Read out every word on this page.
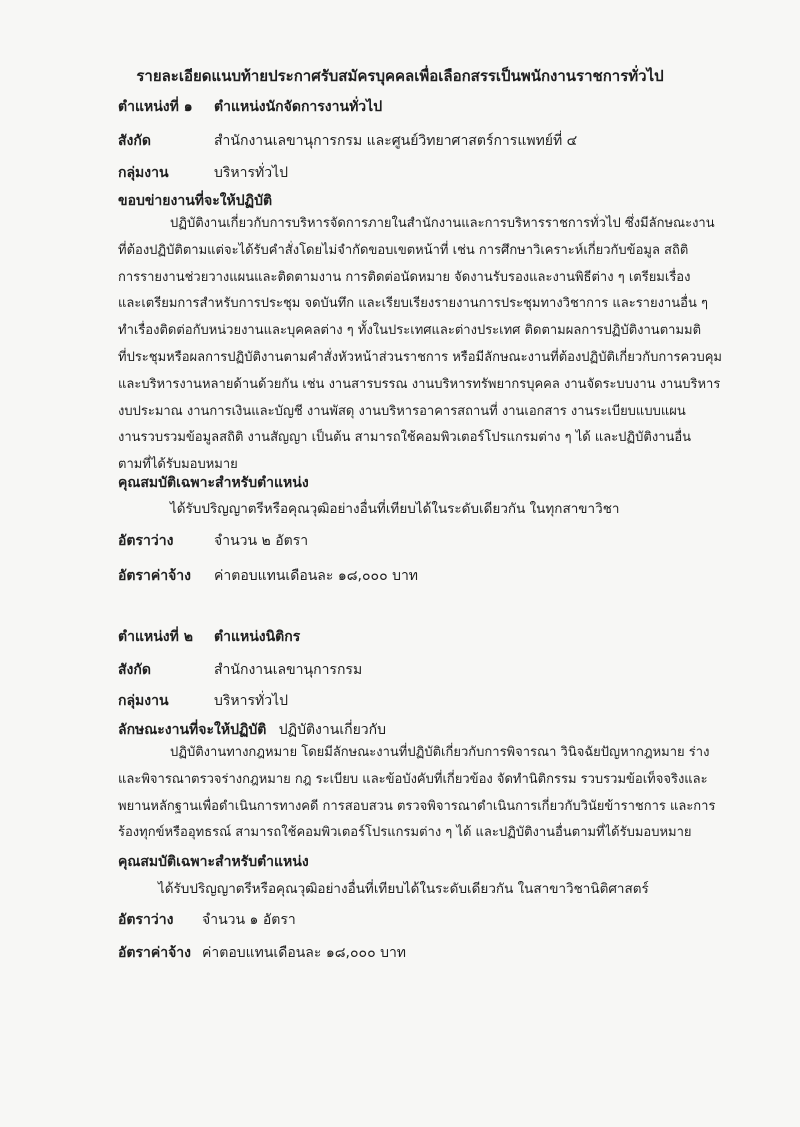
รายละเอียดแนบท้ายประกาศรับสมัครบุคคลเพื่อเลือกสรรเป็นพนักงานราชการทั่วไป
ตำแหน่งที่ ๑ ตำแหน่งนักจัดการงานทั่วไป
สังกัด	สำนักงานเลขานุการกรม และศูนย์วิทยาศาสตร์การแพทย์ที่ ๔
กลุ่มงาน	บริหารทั่วไป
ขอบข่ายงานที่จะให้ปฏิบัติ
ปฏิบัติงานเกี่ยวกับการบริหารจัดการภายในสำนักงานและการบริหารราชการทั่วไป ซึ่งมีลักษณะงาน
ที่ต้องปฏิบัติตามแต่จะได้รับคำสั่งโดยไม่จำกัดขอบเขตหน้าที่ เช่น การศึกษาวิเคราะห์เกี่ยวกับข้อมูล สถิติ
การรายงานช่วยวางแผนและติดตามงาน การติดต่อนัดหมาย จัดงานรับรองและงานพิธีต่าง ๆ เตรียมเรื่อง
และเตรียมการสำหรับการประชุม จดบันทึก และเรียบเรียงรายงานการประชุมทางวิชาการ และรายงานอื่น ๆ
ทำเรื่องติดต่อกับหน่วยงานและบุคคลต่าง ๆ ทั้งในประเทศและต่างประเทศ ติดตามผลการปฏิบัติงานตามมติ
ที่ประชุมหรือผลการปฏิบัติงานตามคำสั่งหัวหน้าส่วนราชการ หรือมีลักษณะงานที่ต้องปฏิบัติเกี่ยวกับการควบคุม
และบริหารงานหลายด้านด้วยกัน เช่น งานสารบรรณ งานบริหารทรัพยากรบุคคล งานจัดระบบงาน งานบริหาร
งบประมาณ งานการเงินและบัญชี งานพัสดุ งานบริหารอาคารสถานที่ งานเอกสาร งานระเบียบแบบแผน
งานรวบรวมข้อมูลสถิติ งานสัญญา เป็นต้น สามารถใช้คอมพิวเตอร์โปรแกรมต่าง ๆ ได้ และปฏิบัติงานอื่น
ตามที่ได้รับมอบหมาย
คุณสมบัติเฉพาะสำหรับตำแหน่ง
ได้รับปริญญาตรีหรือคุณวุฒิอย่างอื่นที่เทียบได้ในระดับเดียวกัน ในทุกสาขาวิชา
อัตราว่าง	จำนวน ๒ อัตรา
อัตราค่าจ้าง ค่าตอบแทนเดือนละ ๑๘,๐๐๐ บาท
ตำแหน่งที่ ๒ ตำแหน่งนิติกร
สังกัด	สำนักงานเลขานุการกรม
กลุ่มงาน	บริหารทั่วไป
ลักษณะงานที่จะให้ปฏิบัติ ปฏิบัติงานเกี่ยวกับ
ปฏิบัติงานทางกฎหมาย โดยมีลักษณะงานที่ปฏิบัติเกี่ยวกับการพิจารณา วินิจฉัยปัญหากฎหมาย ร่าง
และพิจารณาตรวจร่างกฎหมาย กฎ ระเบียบ และข้อบังคับที่เกี่ยวข้อง จัดทำนิติกรรม รวบรวมข้อเท็จจริงและ
พยานหลักฐานเพื่อดำเนินการทางคดี การสอบสวน ตรวจพิจารณาดำเนินการเกี่ยวกับวินัยข้าราชการ และการ
ร้องทุกข์หรืออุทธรณ์ สามารถใช้คอมพิวเตอร์โปรแกรมต่าง ๆ ได้ และปฏิบัติงานอื่นตามที่ได้รับมอบหมาย
คุณสมบัติเฉพาะสำหรับตำแหน่ง
ได้รับปริญญาตรีหรือคุณวุฒิอย่างอื่นที่เทียบได้ในระดับเดียวกัน ในสาขาวิชานิติศาสตร์
อัตราว่าง จำนวน ๑ อัตรา
อัตราค่าจ้าง ค่าตอบแทนเดือนละ ๑๘,๐๐๐ บาท
